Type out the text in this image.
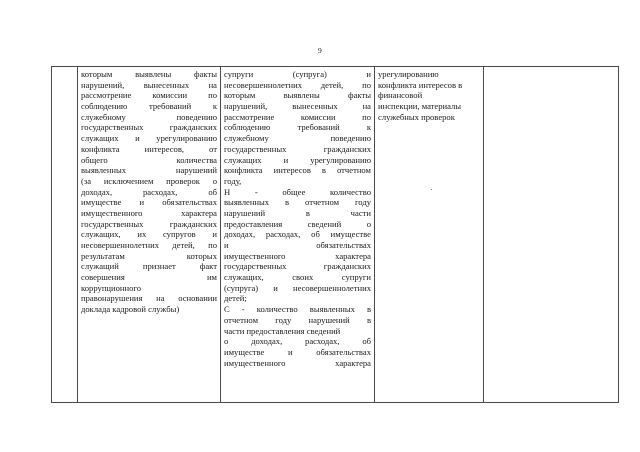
9

которым выявлены факты
нарушений, вынесенных на
рассмотрение комиссии по
соблюдению требований к
служебному поведению
государственных гражданских
служащих и урегулированию
конфликта интересов, от
общего количества
выявленных нарушений
(за исключением проверок о
доходах, расходах, об
имуществе и обязательствах
имущественного характера
государственных гражданских
служащих, их супругов и
несовершеннолетних детей, по
результатам которых
служащий признает факт
совершения им
коррупционного
правонарушения на основании
доклада кадровой службы)

супруги (супруга) и
несовершеннолетних детей, по
которым выявлены факты
нарушений, вынесенных на
рассмотрение комиссии по
соблюдению требований к
служебному поведению
государственных гражданских
служащих и урегулированию
конфликта интересов в отчетном
году,
Н - общее количество
выявленных в отчетном году
нарушений в части
предоставления сведений о
доходах, расходах, об имуществе
и обязательствах
имущественного характера
государственных гражданских
служащих, своих супруги
(супруга) и несовершеннолетних
детей;
С - количество выявленных в
отчетном году нарушений в
части предоставления сведений
о доходах, расходах, об
имуществе и обязательствах
имущественного характера

урегулированию
конфликта интересов в
финансовой
инспекции, материалы
служебных проверок
